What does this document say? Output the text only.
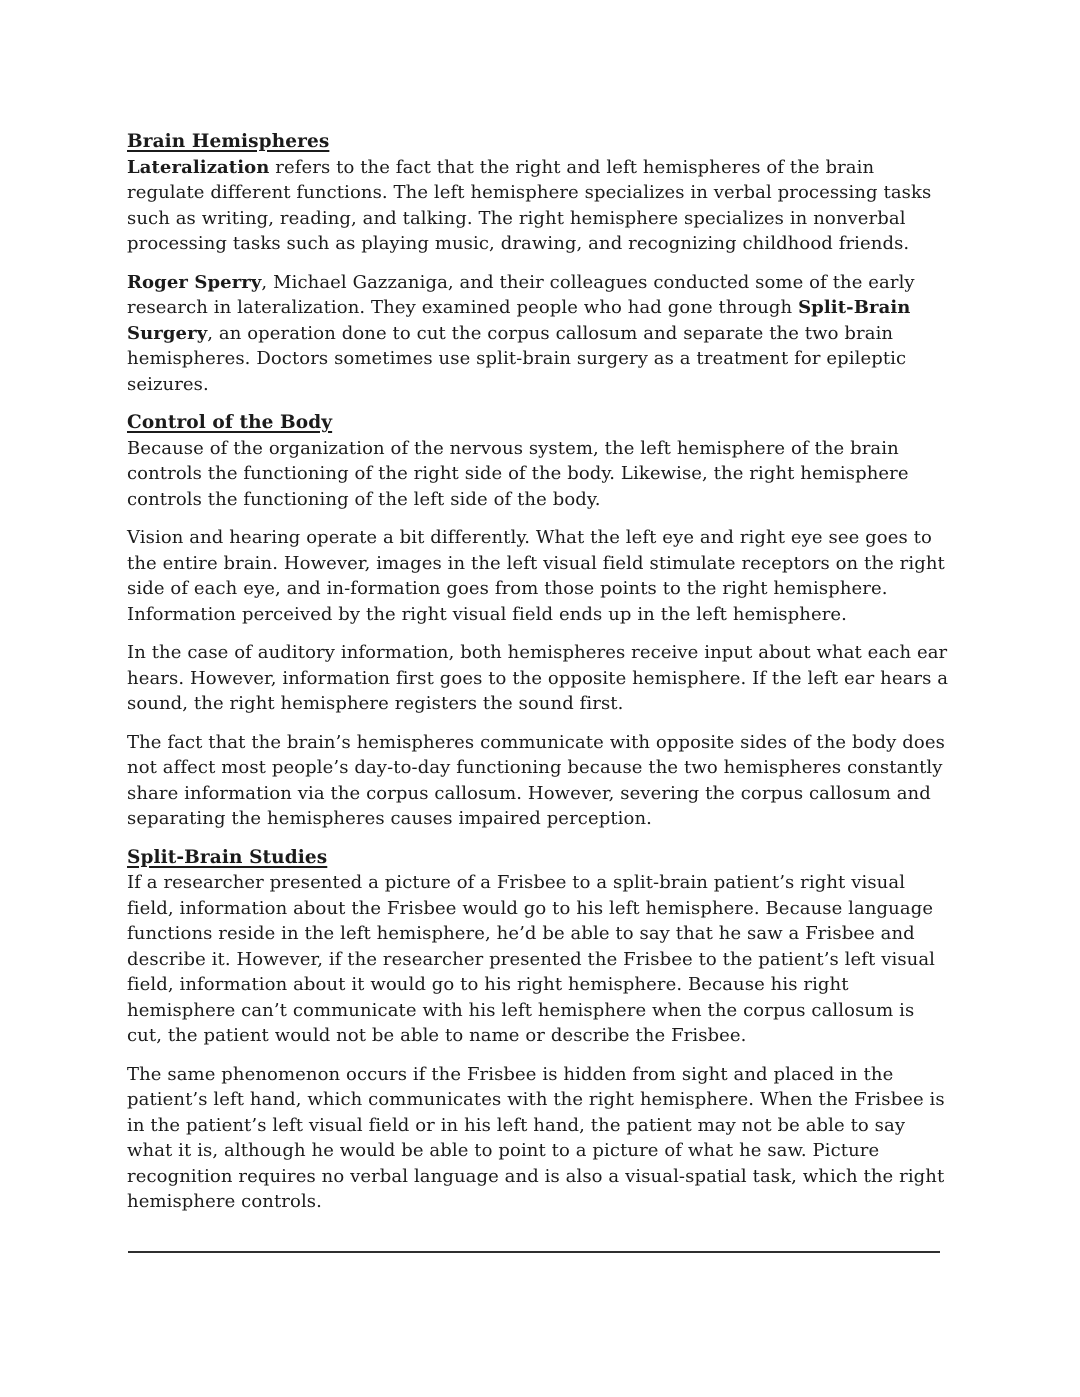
Brain Hemispheres

Lateralization refers to the fact that the right and left hemispheres of the brain regulate different functions. The left hemisphere specializes in verbal processing tasks such as writing, reading, and talking. The right hemisphere specializes in nonverbal processing tasks such as playing music, drawing, and recognizing childhood friends.

Roger Sperry, Michael Gazzaniga, and their colleagues conducted some of the early research in lateralization. They examined people who had gone through Split-Brain Surgery, an operation done to cut the corpus callosum and separate the two brain hemispheres. Doctors sometimes use split-brain surgery as a treatment for epileptic seizures.

Control of the Body

Because of the organization of the nervous system, the left hemisphere of the brain controls the functioning of the right side of the body. Likewise, the right hemisphere controls the functioning of the left side of the body.

Vision and hearing operate a bit differently. What the left eye and right eye see goes to the entire brain. However, images in the left visual field stimulate receptors on the right side of each eye, and in-formation goes from those points to the right hemisphere. Information perceived by the right visual field ends up in the left hemisphere.

In the case of auditory information, both hemispheres receive input about what each ear hears. However, information first goes to the opposite hemisphere. If the left ear hears a sound, the right hemisphere registers the sound first.

The fact that the brain’s hemispheres communicate with opposite sides of the body does not affect most people’s day-to-day functioning because the two hemispheres constantly share information via the corpus callosum. However, severing the corpus callosum and separating the hemispheres causes impaired perception.

Split-Brain Studies

If a researcher presented a picture of a Frisbee to a split-brain patient’s right visual field, information about the Frisbee would go to his left hemisphere. Because language functions reside in the left hemisphere, he’d be able to say that he saw a Frisbee and describe it. However, if the researcher presented the Frisbee to the patient’s left visual field, information about it would go to his right hemisphere. Because his right hemisphere can’t communicate with his left hemisphere when the corpus callosum is cut, the patient would not be able to name or describe the Frisbee.

The same phenomenon occurs if the Frisbee is hidden from sight and placed in the patient’s left hand, which communicates with the right hemisphere. When the Frisbee is in the patient’s left visual field or in his left hand, the patient may not be able to say what it is, although he would be able to point to a picture of what he saw. Picture recognition requires no verbal language and is also a visual-spatial task, which the right hemisphere controls.
